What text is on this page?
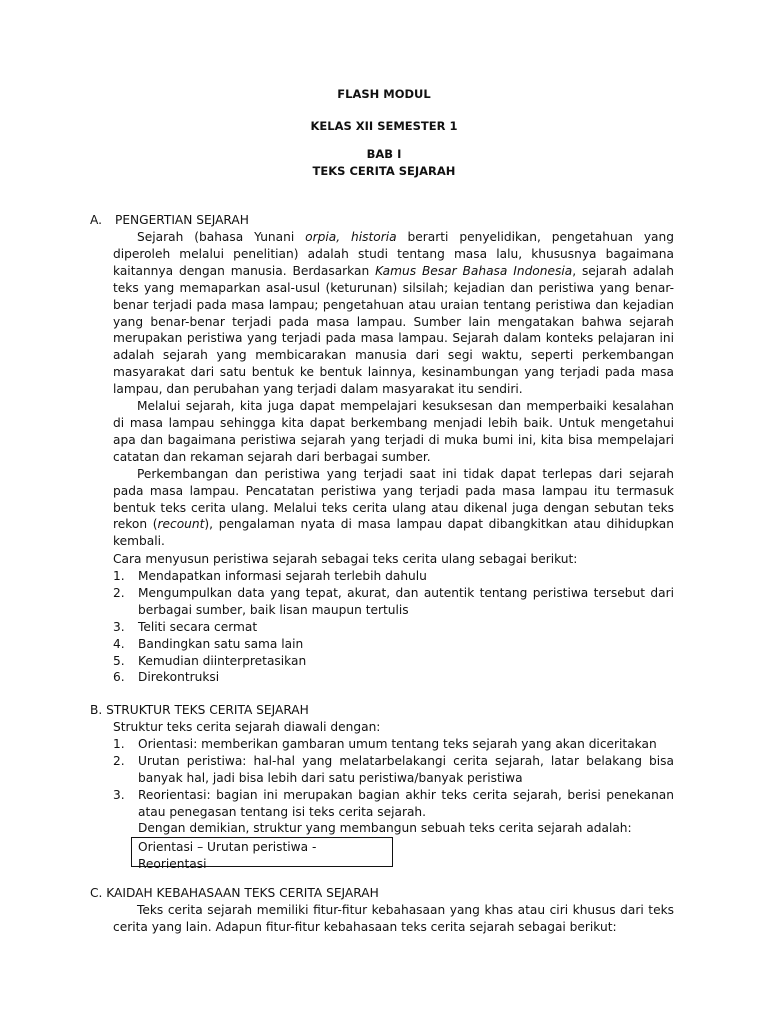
FLASH MODUL
KELAS XII SEMESTER 1
BAB I
TEKS CERITA SEJARAH
A. PENGERTIAN SEJARAH

Sejarah (bahasa Yunani orpia, historia berarti penyelidikan, pengetahuan yang diperoleh melalui penelitian) adalah studi tentang masa lalu, khususnya bagaimana kaitannya dengan manusia. Berdasarkan Kamus Besar Bahasa Indonesia, sejarah adalah teks yang memaparkan asal-usul (keturunan) silsilah; kejadian dan peristiwa yang benar-benar terjadi pada masa lampau; pengetahuan atau uraian tentang peristiwa dan kejadian yang benar-benar terjadi pada masa lampau. Sumber lain mengatakan bahwa sejarah merupakan peristiwa yang terjadi pada masa lampau. Sejarah dalam konteks pelajaran ini adalah sejarah yang membicarakan manusia dari segi waktu, seperti perkembangan masyarakat dari satu bentuk ke bentuk lainnya, kesinambungan yang terjadi pada masa lampau, dan perubahan yang terjadi dalam masyarakat itu sendiri.

Melalui sejarah, kita juga dapat mempelajari kesuksesan dan memperbaiki kesalahan di masa lampau sehingga kita dapat berkembang menjadi lebih baik. Untuk mengetahui apa dan bagaimana peristiwa sejarah yang terjadi di muka bumi ini, kita bisa mempelajari catatan dan rekaman sejarah dari berbagai sumber.

Perkembangan dan peristiwa yang terjadi saat ini tidak dapat terlepas dari sejarah pada masa lampau. Pencatatan peristiwa yang terjadi pada masa lampau itu termasuk bentuk teks cerita ulang. Melalui teks cerita ulang atau dikenal juga dengan sebutan teks rekon (recount), pengalaman nyata di masa lampau dapat dibangkitkan atau dihidupkan kembali.

Cara menyusun peristiwa sejarah sebagai teks cerita ulang sebagai berikut:

1. Mendapatkan informasi sejarah terlebih dahulu
2. Mengumpulkan data yang tepat, akurat, dan autentik tentang peristiwa tersebut dari berbagai sumber, baik lisan maupun tertulis
3. Teliti secara cermat
4. Bandingkan satu sama lain
5. Kemudian diinterpretasikan
6. Direkontruksi
B. STRUKTUR TEKS CERITA SEJARAH

Struktur teks cerita sejarah diawali dengan:

1. Orientasi: memberikan gambaran umum tentang teks sejarah yang akan diceritakan
2. Urutan peristiwa: hal-hal yang melatarbelakangi cerita sejarah, latar belakang bisa banyak hal, jadi bisa lebih dari satu peristiwa/banyak peristiwa
3. Reorientasi: bagian ini merupakan bagian akhir teks cerita sejarah, berisi penekanan atau penegasan tentang isi teks cerita sejarah.

Dengan demikian, struktur yang membangun sebuah teks cerita sejarah adalah:

Orientasi – Urutan peristiwa - Reorientasi
C. KAIDAH KEBAHASAAN TEKS CERITA SEJARAH

Teks cerita sejarah memiliki fitur-fitur kebahasaan yang khas atau ciri khusus dari teks cerita yang lain. Adapun fitur-fitur kebahasaan teks cerita sejarah sebagai berikut:
